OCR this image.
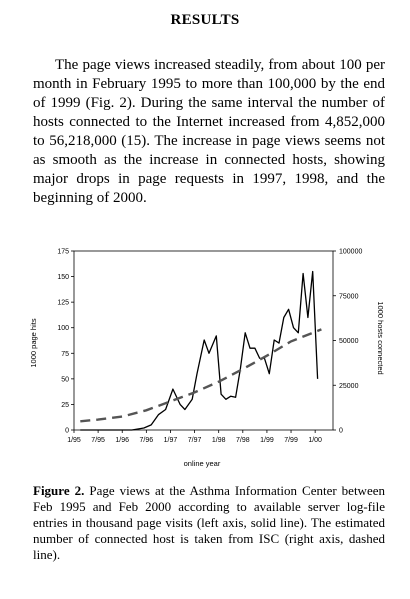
RESULTS

The page views increased steadily, from about 100 per month in February 1995 to more than 100,000 by the end of 1999 (Fig. 2). During the same interval the number of hosts connected to the Internet increased from 4,852,000 to 56,218,000 (15). The increase in page views seems not as smooth as the increase in connected hosts, showing major drops in page requests in 1997, 1998, and the beginning of 2000.

0
25
50
75
100
125
150
175
0
25000
50000
75000
100000
1/95 7/95 1/96 7/96 1/97 7/97 1/98 7/98 1/99 7/99 1/00
online year
1000 page hits	1000 hosts connected

Figure 2. Page views at the Asthma Information Center between Feb 1995 and Feb 2000 according to available server log-file entries in thousand page visits (left axis, solid line). The estimated number of connected host is taken from ISC (right axis, dashed line).
